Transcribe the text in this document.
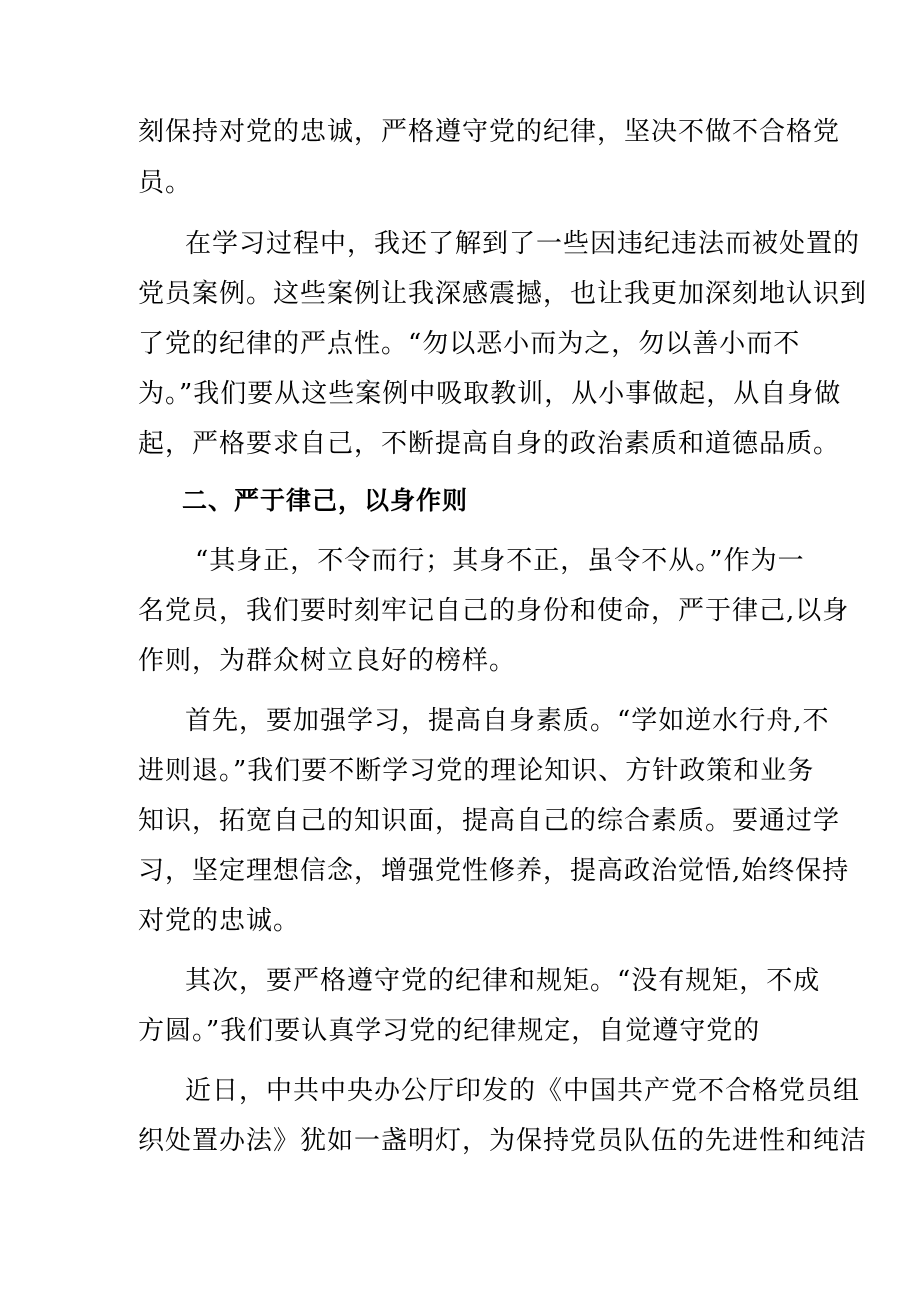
刻保持对党的忠诚，严格遵守党的纪律，坚决不做不合格党
员。
在学习过程中，我还了解到了一些因违纪违法而被处置的
党员案例。这些案例让我深感震撼，也让我更加深刻地认识到
了党的纪律的严点性。“勿以恶小而为之，勿以善小而不
为。”我们要从这些案例中吸取教训，从小事做起，从自身做
起，严格要求自己，不断提高自身的政治素质和道德品质。
二、严于律己，以身作则
“其身正，不令而行；其身不正，虽令不从。”作为一
名党员，我们要时刻牢记自己的身份和使命，严于律己,以身
作则，为群众树立良好的榜样。
首先，要加强学习，提高自身素质。“学如逆水行舟,不
进则退。”我们要不断学习党的理论知识、方针政策和业务
知识，拓宽自己的知识面，提高自己的综合素质。要通过学
习，坚定理想信念，增强党性修养，提高政治觉悟,始终保持
对党的忠诚。
其次，要严格遵守党的纪律和规矩。“没有规矩，不成
方圆。”我们要认真学习党的纪律规定，自觉遵守党的
近日，中共中央办公厅印发的《中国共产党不合格党员组
织处置办法》犹如一盏明灯，为保持党员队伍的先进性和纯洁
